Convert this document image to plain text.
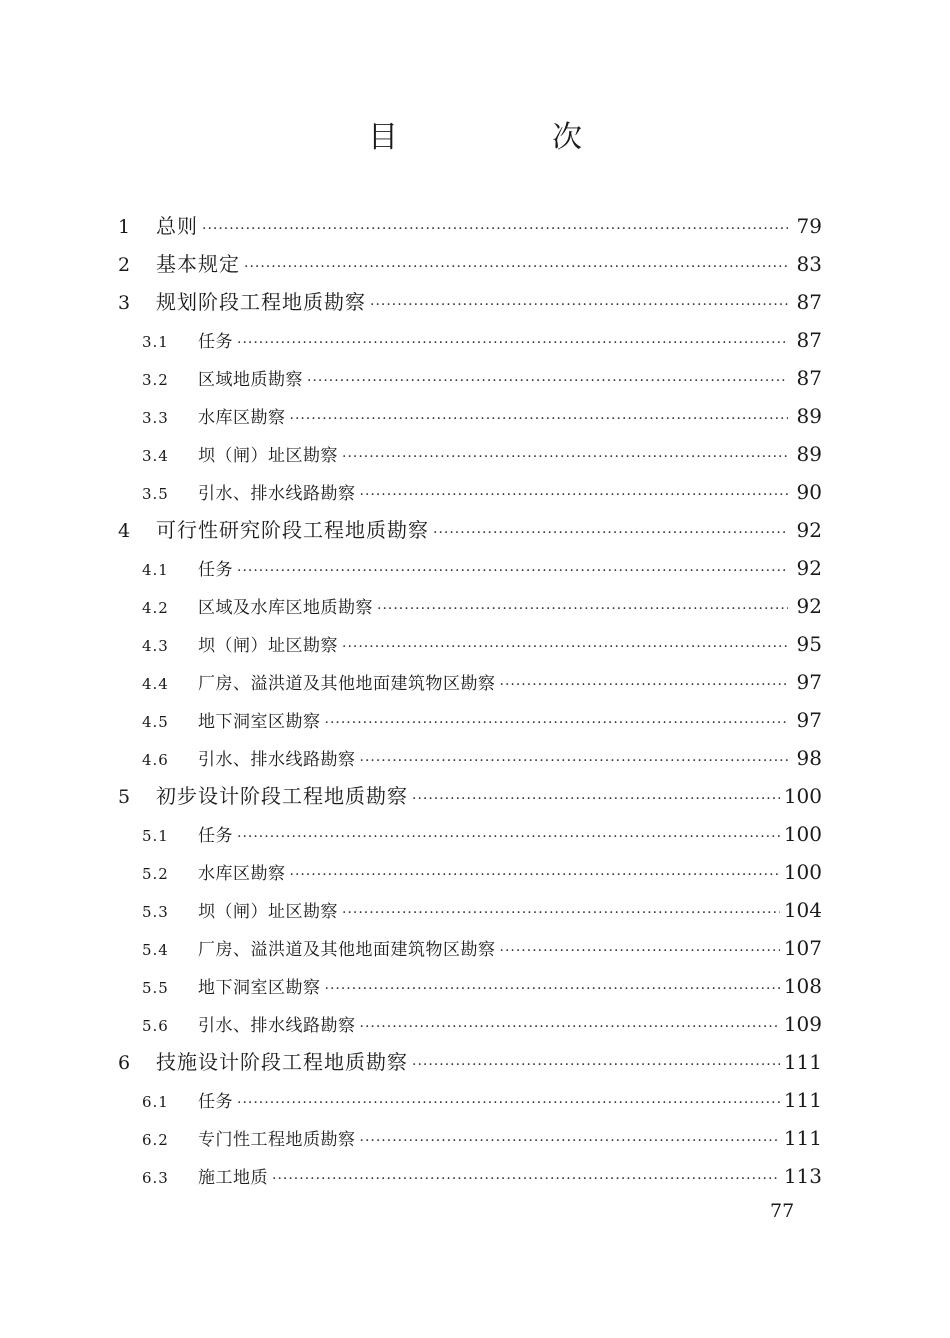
目　次
1	总则 ·····	79
2	基本规定 ·····	83
3	规划阶段工程地质勘察 ·····	87
3.1	任务 ·····	87
3.2	区域地质勘察 ·····	87
3.3	水库区勘察 ·····	89
3.4	坝（闸）址区勘察 ·····	89
3.5	引水、排水线路勘察 ·····	90
4	可行性研究阶段工程地质勘察 ·····	92
4.1	任务 ·····	92
4.2	区域及水库区地质勘察 ·····	92
4.3	坝（闸）址区勘察 ·····	95
4.4	厂房、溢洪道及其他地面建筑物区勘察 ·····	97
4.5	地下洞室区勘察 ·····	97
4.6	引水、排水线路勘察 ·····	98
5	初步设计阶段工程地质勘察 ·····	100
5.1	任务 ·····	100
5.2	水库区勘察 ·····	100
5.3	坝（闸）址区勘察 ·····	104
5.4	厂房、溢洪道及其他地面建筑物区勘察 ·····	107
5.5	地下洞室区勘察 ·····	108
5.6	引水、排水线路勘察 ·····	109
6	技施设计阶段工程地质勘察 ·····	111
6.1	任务 ·····	111
6.2	专门性工程地质勘察 ·····	111
6.3	施工地质 ·····	113
77
